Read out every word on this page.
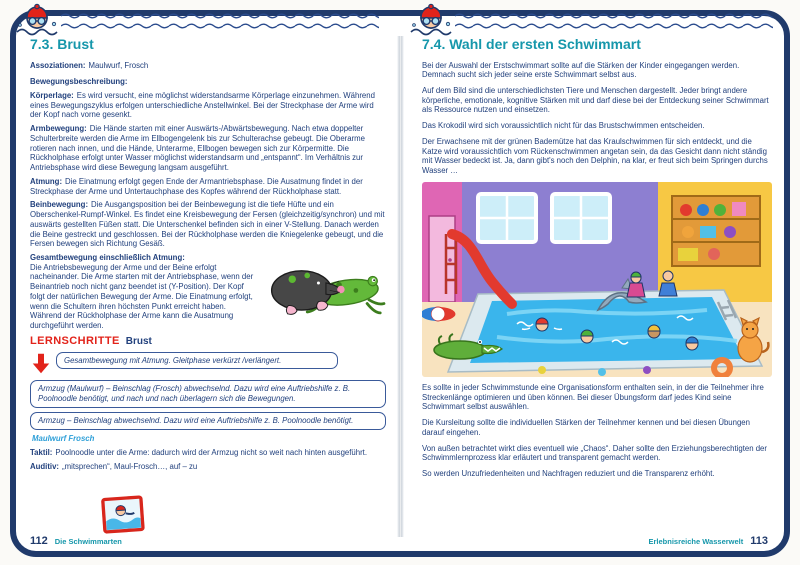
7.3. Brust

Assoziationen: Maulwurf, Frosch

Bewegungsbeschreibung:

Körperlage: Es wird versucht, eine möglichst widerstandsarme Körperlage einzunehmen. Während eines Bewegungszyklus erfolgen unterschiedliche Anstellwinkel. Bei der Streckphase der Arme wird der Kopf nach vorne gesenkt.

Armbewegung: Die Hände starten mit einer Auswärts-/Abwärtsbewegung. Nach etwa doppelter Schulterbreite werden die Arme im Ellbogengelenk bis zur Schulterachse gebeugt. Die Oberarme rotieren nach innen, und die Hände, Unterarme, Ellbogen bewegen sich zur Körpermitte. Die Rückholphase erfolgt unter Wasser möglichst widerstandsarm und „entspannt“. Im Verhältnis zur Antriebsphase wird diese Bewegung langsam ausgeführt.

Atmung: Die Einatmung erfolgt gegen Ende der Armantriebsphase. Die Ausatmung findet in der Streckphase der Arme und Untertauchphase des Kopfes während der Rückholphase statt.

Beinbewegung: Die Ausgangsposition bei der Beinbewegung ist die tiefe Hüfte und ein Oberschenkel-Rumpf-Winkel. Es findet eine Kreisbewegung der Fersen (gleichzeitig/synchron) und mit auswärts gestellten Füßen statt. Die Unterschenkel befinden sich in einer V-Stellung. Danach werden die Beine gestreckt und geschlossen. Bei der Rückholphase werden die Kniegelenke gebeugt, und die Fersen bewegen sich Richtung Gesäß.

Gesamtbewegung einschließlich Atmung:
Die Antriebsbewegung der Arme und der Beine erfolgt nacheinander. Die Arme starten mit der Antriebsphase, wenn der Beinantrieb noch nicht ganz beendet ist (Y-Position). Der Kopf folgt der natürlichen Bewegung der Arme. Die Einatmung erfolgt, wenn die Schultern ihren höchsten Punkt erreicht haben. Während der Rückholphase der Arme kann die Ausatmung durchgeführt werden.
LERNSCHRITTE Brust
Gesamtbewegung mit Atmung. Gleitphase verkürzt /verlängert.
Armzug (Maulwurf) – Beinschlag (Frosch) abwechselnd. Dazu wird eine Auftriebshilfe z. B. Poolnoodle benötigt, und nach und nach überlagern sich die Bewegungen.
Armzug – Beinschlag abwechselnd. Dazu wird eine Auftriebshilfe z. B. Poolnoodle benötigt.
Maulwurf Frosch

Taktil: Poolnoodle unter die Arme: dadurch wird der Armzug nicht so weit nach hinten ausgeführt.

Auditiv: „mitsprechen“, Maul-Frosch…, auf – zu

112 Die Schwimmarten
7.4. Wahl der ersten Schwimmart

Bei der Auswahl der Erstschwimmart sollte auf die Stärken der Kinder eingegangen werden. Demnach sucht sich jeder seine erste Schwimmart selbst aus.

Auf dem Bild sind die unterschiedlichsten Tiere und Menschen dargestellt. Jeder bringt andere körperliche, emotionale, kognitive Stärken mit und darf diese bei der Entdeckung seiner Schwimmart als Ressource nutzen und einsetzen.

Das Krokodil wird sich voraussichtlich nicht für das Brustschwimmen entscheiden.

Der Erwachsene mit der grünen Bademütze hat das Kraulschwimmen für sich entdeckt, und die Katze wird voraussichtlich vom Rückenschwimmen angetan sein, da das Gesicht dann nicht ständig mit Wasser bedeckt ist. Ja, dann gibt's noch den Delphin, na klar, er freut sich beim Springen durchs Wasser …

Es sollte in jeder Schwimmstunde eine Organisationsform enthalten sein, in der die Teilnehmer ihre Streckenlänge optimieren und üben können. Bei dieser Übungsform darf jedes Kind seine Schwimmart selbst auswählen.

Die Kursleitung sollte die individuellen Stärken der Teilnehmer kennen und bei diesen Übungen darauf eingehen.

Von außen betrachtet wirkt dies eventuell wie „Chaos“. Daher sollte den Erziehungsberechtigten der Schwimmlernprozess klar erläutert und transparent gemacht werden.

So werden Unzufriedenheiten und Nachfragen reduziert und die Transparenz erhöht.

Erlebnisreiche Wasserwelt 113
